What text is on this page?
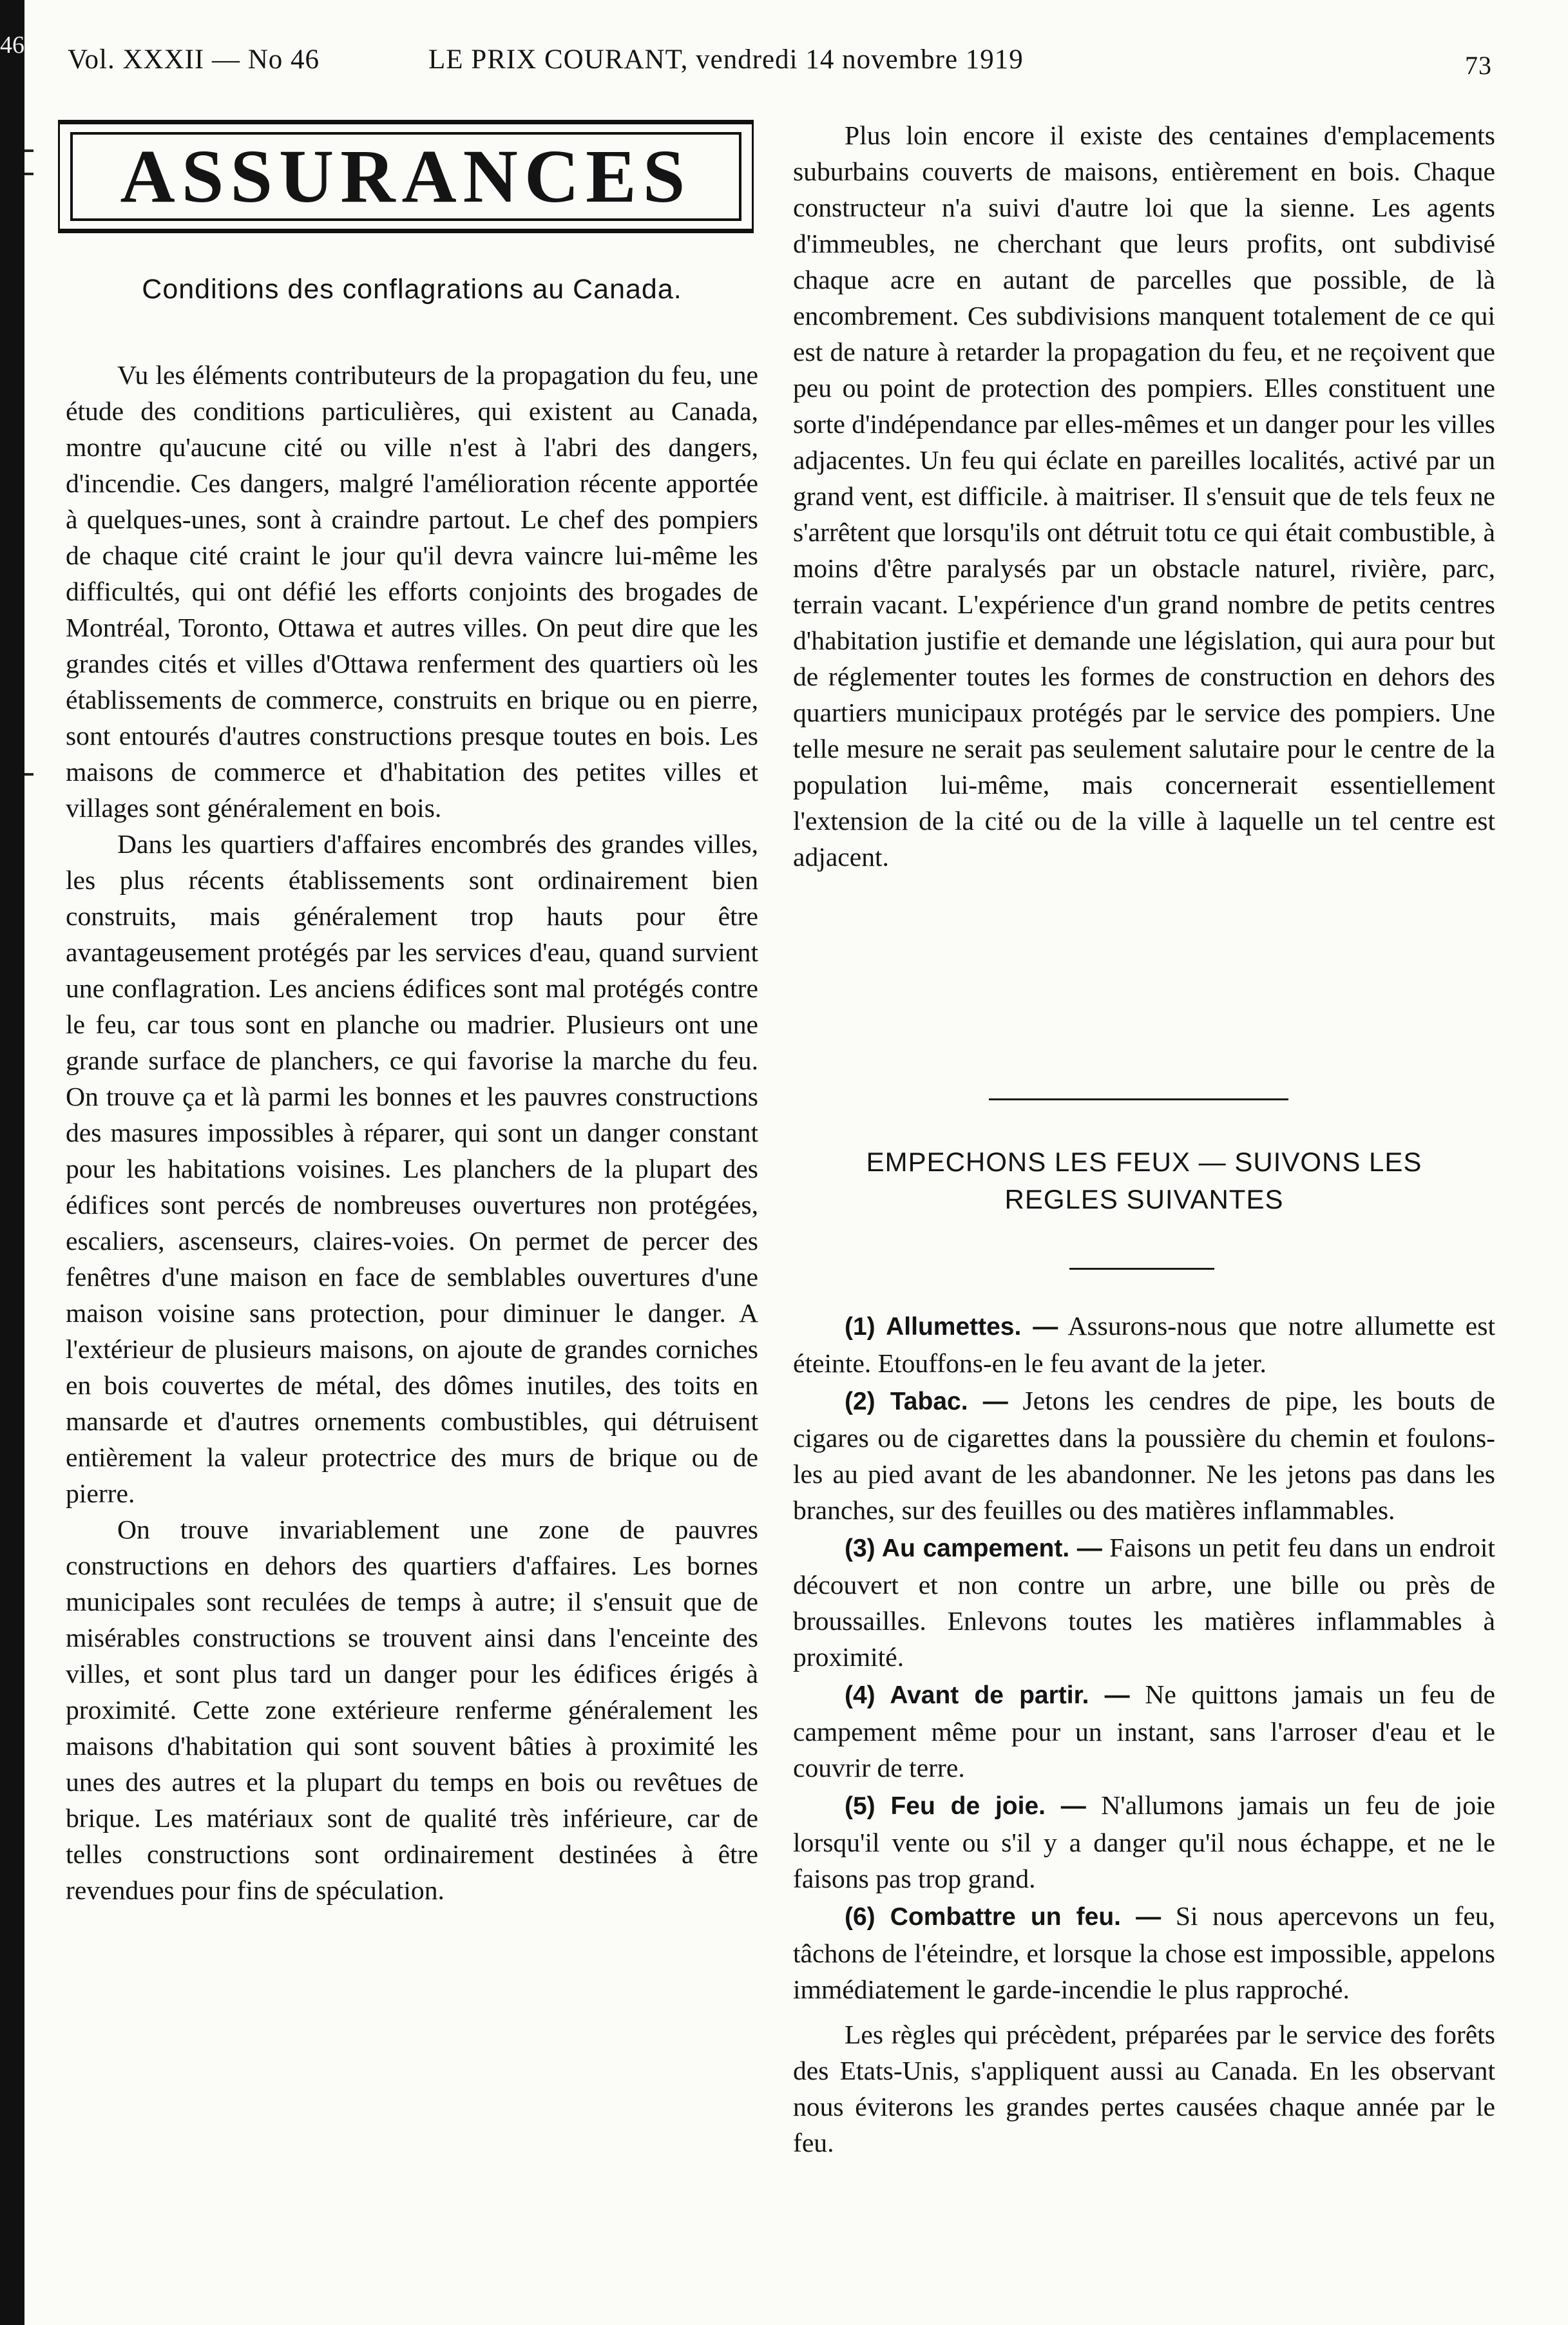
46 Vol. XXXII — No 46	LE PRIX COURANT, vendredi 14 novembre 1919	73
ASSURANCES
Conditions des conflagrations au Canada.

Vu les éléments contributeurs de la propagation du feu, une étude des conditions particulières, qui existent au Canada, montre qu'aucune cité ou ville n'est à l'abri des dangers, d'incendie. Ces dangers, malgré l'amélioration récente apportée à quelques-unes, sont à craindre partout. Le chef des pompiers de chaque cité craint le jour qu'il devra vaincre lui-même les difficultés, qui ont défié les efforts conjoints des brogades de Montréal, Toronto, Ottawa et autres villes. On peut dire que les grandes cités et villes d'Ottawa renferment des quartiers où les établissements de commerce, construits en brique ou en pierre, sont entourés d'autres constructions presque toutes en bois. Les maisons de commerce et d'habitation des petites villes et villages sont généralement en bois.

Dans les quartiers d'affaires encombrés des grandes villes, les plus récents établissements sont ordinairement bien construits, mais généralement trop hauts pour être avantageusement protégés par les services d'eau, quand survient une conflagration. Les anciens édifices sont mal protégés contre le feu, car tous sont en planche ou madrier. Plusieurs ont une grande surface de planchers, ce qui favorise la marche du feu. On trouve ça et là parmi les bonnes et les pauvres constructions des masures impossibles à réparer, qui sont un danger constant pour les habitations voisines. Les planchers de la plupart des édifices sont percés de nombreuses ouvertures non protégées, escaliers, ascenseurs, claires-voies. On permet de percer des fenêtres d'une maison en face de semblables ouvertures d'une maison voisine sans protection, pour diminuer le danger. A l'extérieur de plusieurs maisons, on ajoute de grandes corniches en bois couvertes de métal, des dômes inutiles, des toits en mansarde et d'autres ornements combustibles, qui détruisent entièrement la valeur protectrice des murs de brique ou de pierre.

On trouve invariablement une zone de pauvres constructions en dehors des quartiers d'affaires. Les bornes municipales sont reculées de temps à autre; il s'ensuit que de misérables constructions se trouvent ainsi dans l'enceinte des villes, et sont plus tard un danger pour les édifices érigés à proximité. Cette zone extérieure renferme généralement les maisons d'habitation qui sont souvent bâties à proximité les unes des autres et la plupart du temps en bois ou revêtues de brique. Les matériaux sont de qualité très inférieure, car de telles constructions sont ordinairement destinées à être revendues pour fins de spéculation.

Plus loin encore il existe des centaines d'emplacements suburbains couverts de maisons, entièrement en bois. Chaque constructeur n'a suivi d'autre loi que la sienne. Les agents d'immeubles, ne cherchant que leurs profits, ont subdivisé chaque acre en autant de parcelles que possible, de là encombrement. Ces subdivisions manquent totalement de ce qui est de nature à retarder la propagation du feu, et ne reçoivent que peu ou point de protection des pompiers. Elles constituent une sorte d'indépendance par elles-mêmes et un danger pour les villes adjacentes. Un feu qui éclate en pareilles localités, activé par un grand vent, est difficile. à maitriser. Il s'ensuit que de tels feux ne s'arrêtent que lorsqu'ils ont détruit totu ce qui était combustible, à moins d'être paralysés par un obstacle naturel, rivière, parc, terrain vacant. L'expérience d'un grand nombre de petits centres d'habitation justifie et demande une législation, qui aura pour but de réglementer toutes les formes de construction en dehors des quartiers municipaux protégés par le service des pompiers. Une telle mesure ne serait pas seulement salutaire pour le centre de la population lui-même, mais concernerait essentiellement l'extension de la cité ou de la ville à laquelle un tel centre est adjacent.

EMPECHONS LES FEUX — SUIVONS LES
REGLES SUIVANTES

(1) Allumettes. — Assurons-nous que notre allumette est éteinte. Etouffons-en le feu avant de la jeter.

(2) Tabac. — Jetons les cendres de pipe, les bouts de cigares ou de cigarettes dans la poussière du chemin et foulons-les au pied avant de les abandonner. Ne les jetons pas dans les branches, sur des feuilles ou des matières inflammables.

(3) Au campement. — Faisons un petit feu dans un endroit découvert et non contre un arbre, une bille ou près de broussailles. Enlevons toutes les matières inflammables à proximité.

(4) Avant de partir. — Ne quittons jamais un feu de campement même pour un instant, sans l'arroser d'eau et le couvrir de terre.

(5) Feu de joie. — N'allumons jamais un feu de joie lorsqu'il vente ou s'il y a danger qu'il nous échappe, et ne le faisons pas trop grand.

(6) Combattre un feu. — Si nous apercevons un feu, tâchons de l'éteindre, et lorsque la chose est impossible, appelons immédiatement le garde-incendie le plus rapproché.

Les règles qui précèdent, préparées par le service des forêts des Etats-Unis, s'appliquent aussi au Canada. En les observant nous éviterons les grandes pertes causées chaque année par le feu.
